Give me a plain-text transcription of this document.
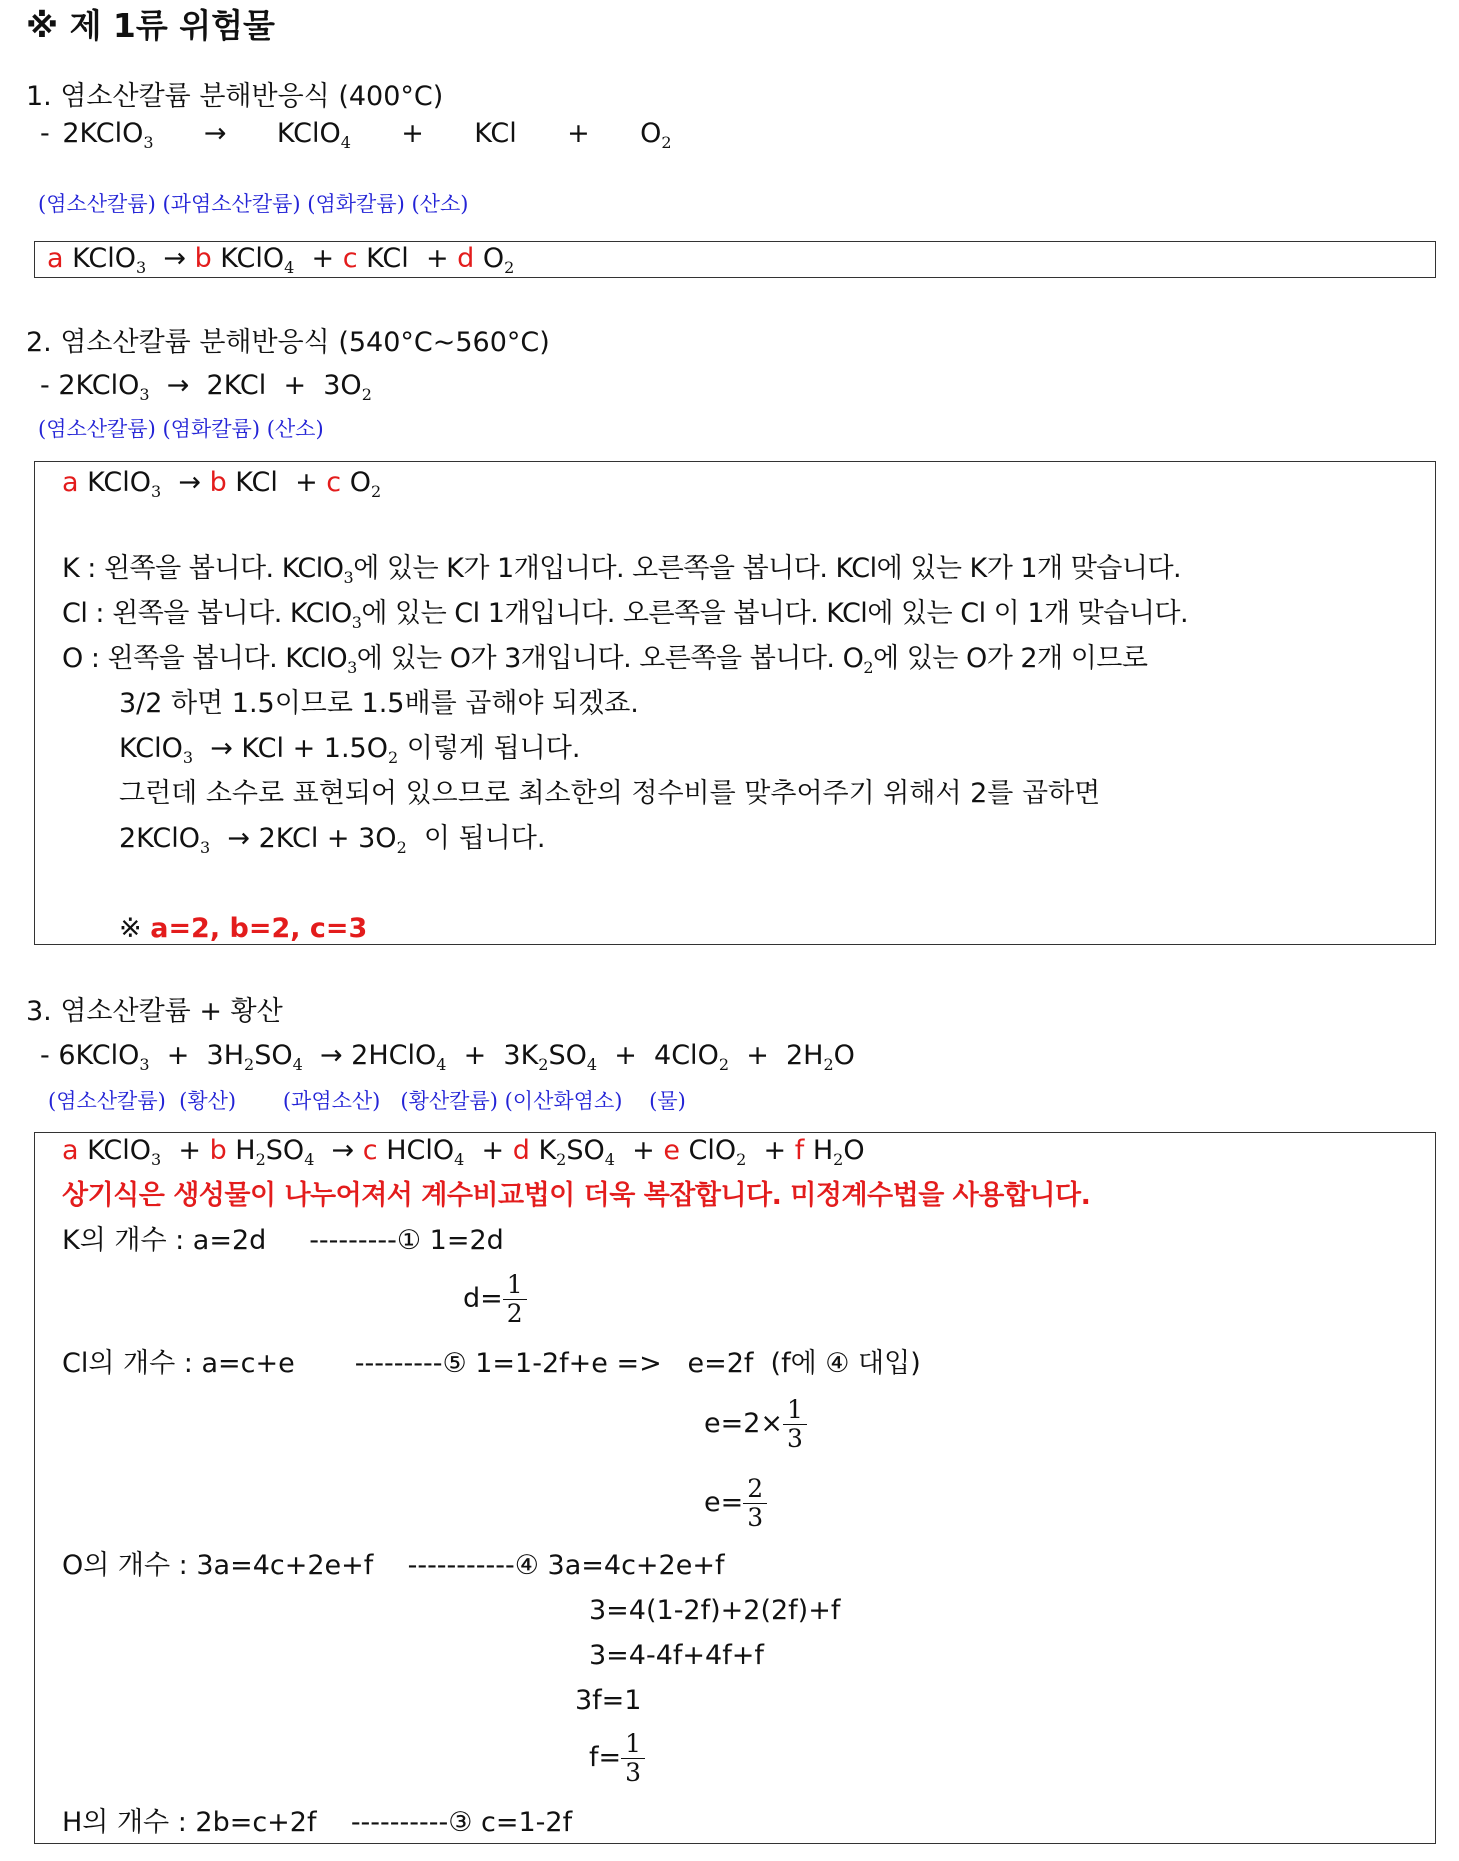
※ 제 1류 위험물
1. 염소산칼륨 분해반응식 (400°C)
- 2KClO$_3$ → KClO$_4$ + KCl + $O_2$
(염소산칼륨) (과염소산칼륨) (염화칼륨) (산소)
a KClO$_3$ → b KClO$_4$ + c KCl + d $O_2$
2. 염소산칼륨 분해반응식 (540°C~560°C)
- 2KClO$_3$ → $2KCl + 3O_2$
(염소산칼륨) (염화칼륨) (산소)
a KClO$_3$ → b KCl + c $O_2$
K : 왼쪽을 봅니다. KClO$_3$에 있는 K가 1개입니다. 오른쪽을 봅니다. KCl에 있는 K가 1개 맞습니다.
Cl : 왼쪽을 봅니다. KClO$_3$에 있는 Cl 1개입니다. 오른쪽을 봅니다. KCl에 있는 Cl 이 1개 맞습니다.
O : 왼쪽을 봅니다. KClO$_3$에 있는 O가 3개입니다. 오른쪽을 봅니다. $O_2$에 있는 O가 2개 이므로
3/2 하면 1.5이므로 1.5배를 곱해야 되겠죠.
KClO$_3$ → KCl + $1.5O_2$ 이렇게 됩니다.
그런데 소수로 표현되어 있으므로 최소한의 정수비를 맞추어주기 위해서 2를 곱하면
2KClO$_3$ → $2KCl + 3O_2$ 이 됩니다.
※ a=2, b=2, c=3
3. 염소산칼륨 + 황산
- 6KClO$_3$ + $3H_2SO_4$ → 2HClO$_4$ + $3K_2SO_4 + 4ClO_2 + 2H_2O$
(염소산칼륨)  (황산)       (과염소산)   (황산칼륨) (이산화염소)    (물)
a KClO$_3$ + b $H_2SO_4 \to c$ HClO$_4$ + d $K_2SO_4 + e$ ClO$_2$ + f $H_2O$
상기식은 생성물이 나누어져서 계수비교법이 더욱 복잡합니다. 미정계수법을 사용합니다.
K의 개수 : a=2d     ---------① 1=2d
$d= \frac{1}{2}$
Cl의 개수 : a=c+e       ---------⑤ 1=1-2f+e =>   e=2f  (f에 ④ 대입)
$e=2\times \frac{1}{3}$
$e= \frac{2}{3}$
O의 개수 : 3a=4c+2e+f    -----------④ 3a=4c+2e+f
3=4(1-2f)+2(2f)+f
3=4-4f+4f+f
3f=1
$f= \frac{1}{3}$
H의 개수 : 2b=c+2f    ----------③ c=1-2f
